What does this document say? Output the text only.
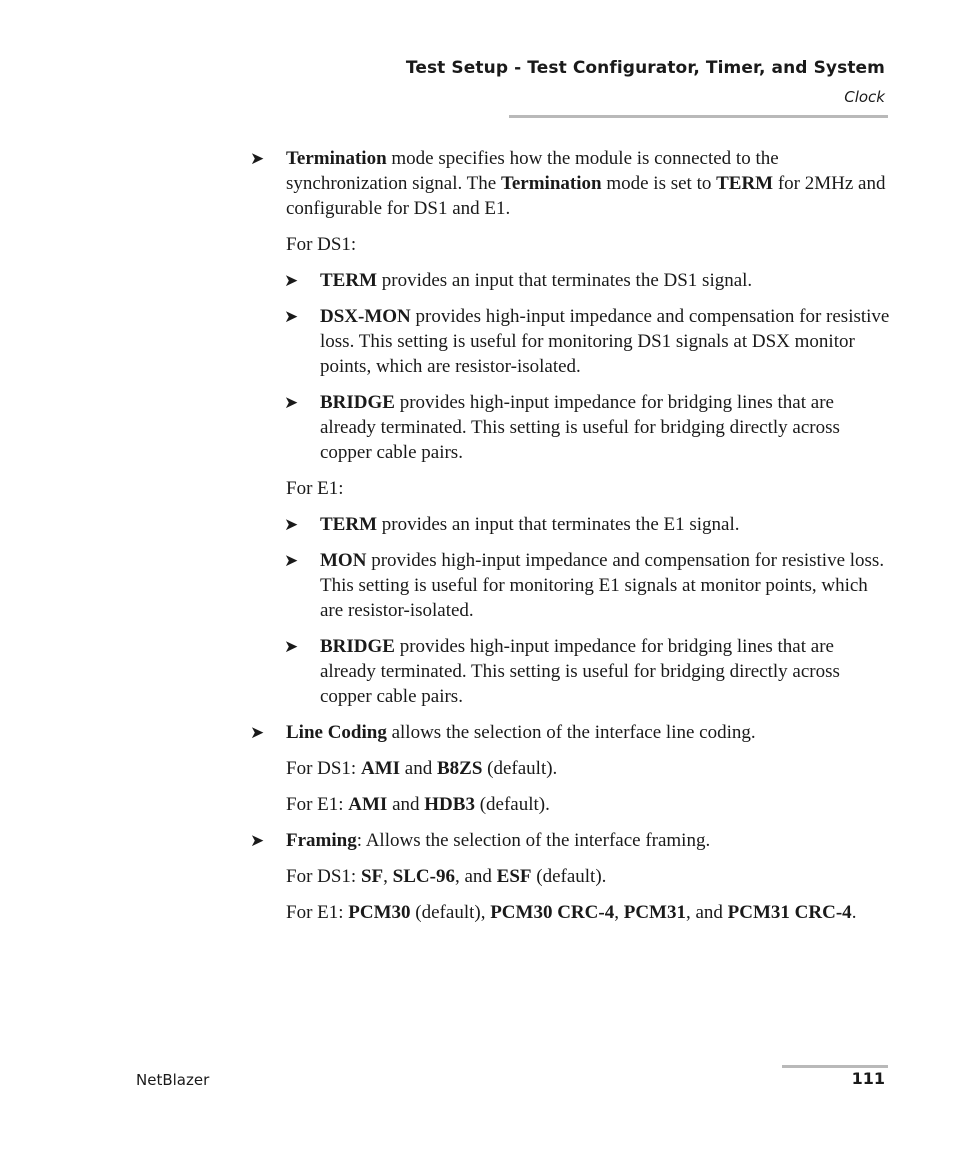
Test Setup - Test Configurator, Timer, and System
Clock
➤ Termination mode specifies how the module is connected to the synchronization signal. The Termination mode is set to TERM for 2MHz and configurable for DS1 and E1.
For DS1:
➤ TERM provides an input that terminates the DS1 signal.
➤ DSX-MON provides high-input impedance and compensation for resistive loss. This setting is useful for monitoring DS1 signals at DSX monitor points, which are resistor-isolated.
➤ BRIDGE provides high-input impedance for bridging lines that are already terminated. This setting is useful for bridging directly across copper cable pairs.
For E1:
➤ TERM provides an input that terminates the E1 signal.
➤ MON provides high-input impedance and compensation for resistive loss. This setting is useful for monitoring E1 signals at monitor points, which are resistor-isolated.
➤ BRIDGE provides high-input impedance for bridging lines that are already terminated. This setting is useful for bridging directly across copper cable pairs.
➤ Line Coding allows the selection of the interface line coding.
For DS1: AMI and B8ZS (default).
For E1: AMI and HDB3 (default).
➤ Framing: Allows the selection of the interface framing.
For DS1: SF, SLC-96, and ESF (default).
For E1: PCM30 (default), PCM30 CRC-4, PCM31, and PCM31 CRC-4.
NetBlazer	111
